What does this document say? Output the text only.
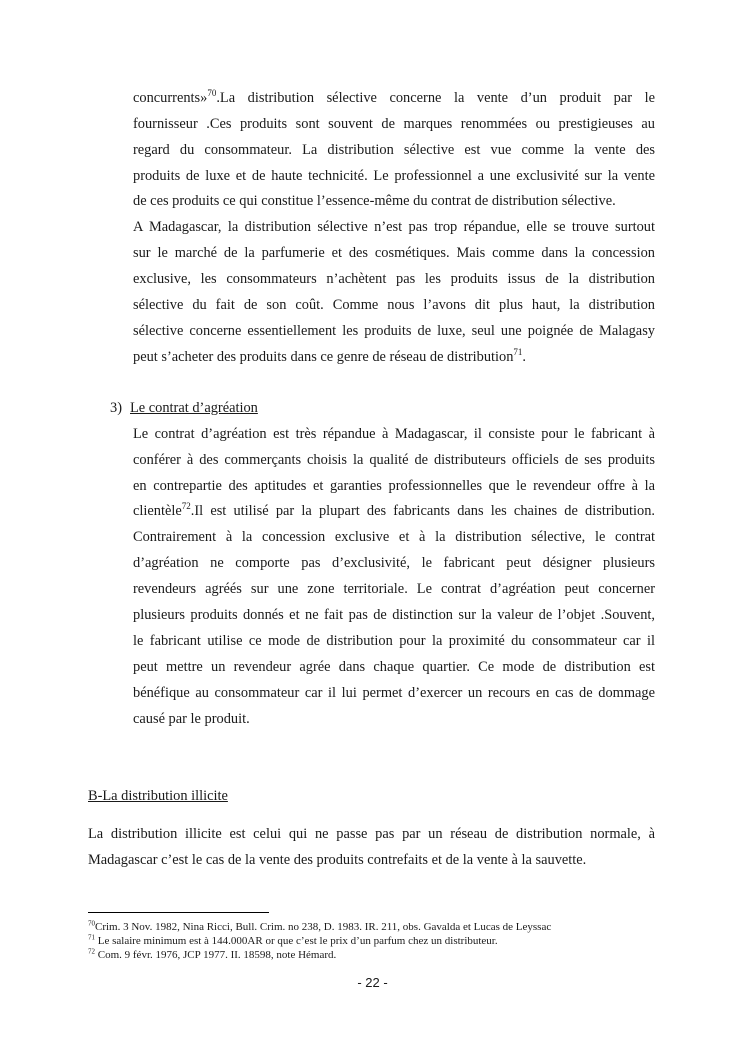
concurrents»$^{70}$.La distribution sélective concerne la vente d’un produit par le
fournisseur .Ces produits sont souvent de marques renommées ou prestigieuses au
regard du consommateur. La distribution sélective est vue comme la vente des
produits de luxe et de haute technicité. Le professionnel a une exclusivité sur la vente
de ces produits ce qui constitue l’essence-même du contrat de distribution sélective.
A Madagascar, la distribution sélective n’est pas trop répandue, elle se trouve surtout
sur le marché de la parfumerie et des cosmétiques. Mais comme dans la concession
exclusive, les consommateurs n’achètent pas les produits issus de la distribution
sélective du fait de son coût. Comme nous l’avons dit plus haut, la distribution
sélective concerne essentiellement les produits de luxe, seul une poignée de Malagasy
peut s’acheter des produits dans ce genre de réseau de distribution$^{71}$.
3) Le contrat d’agréation
Le contrat d’agréation est très répandue à Madagascar, il consiste pour le fabricant à
conférer à des commerçants choisis la qualité de distributeurs officiels de ses produits
en contrepartie des aptitudes et garanties professionnelles que le revendeur offre à la
clientèle$^{72}$.Il est utilisé par la plupart des fabricants dans les chaines de distribution.
Contrairement à la concession exclusive et à la distribution sélective, le contrat
d’agréation ne comporte pas d’exclusivité, le fabricant peut désigner plusieurs
revendeurs agréés sur une zone territoriale. Le contrat d’agréation peut concerner
plusieurs produits donnés et ne fait pas de distinction sur la valeur de l’objet .Souvent,
le fabricant utilise ce mode de distribution pour la proximité du consommateur car il
peut mettre un revendeur agrée dans chaque quartier. Ce mode de distribution est
bénéfique au consommateur car il lui permet d’exercer un recours en cas de dommage
causé par le produit.
B-La distribution illicite
La distribution illicite est celui qui ne passe pas par un réseau de distribution normale, à
Madagascar c’est le cas de la vente des produits contrefaits et de la vente à la sauvette.
$^{70}$Crim. 3 Nov. 1982, Nina Ricci, Bull. Crim. no 238, D. 1983. IR. 211, obs. Gavalda et Lucas de Leyssac
$^{71}$ Le salaire minimum est à 144.000AR or que c’est le prix d’un parfum chez un distributeur.
$^{72}$ Com. 9 févr. 1976, JCP 1977. II. 18598, note Hémard.
- 22 -
